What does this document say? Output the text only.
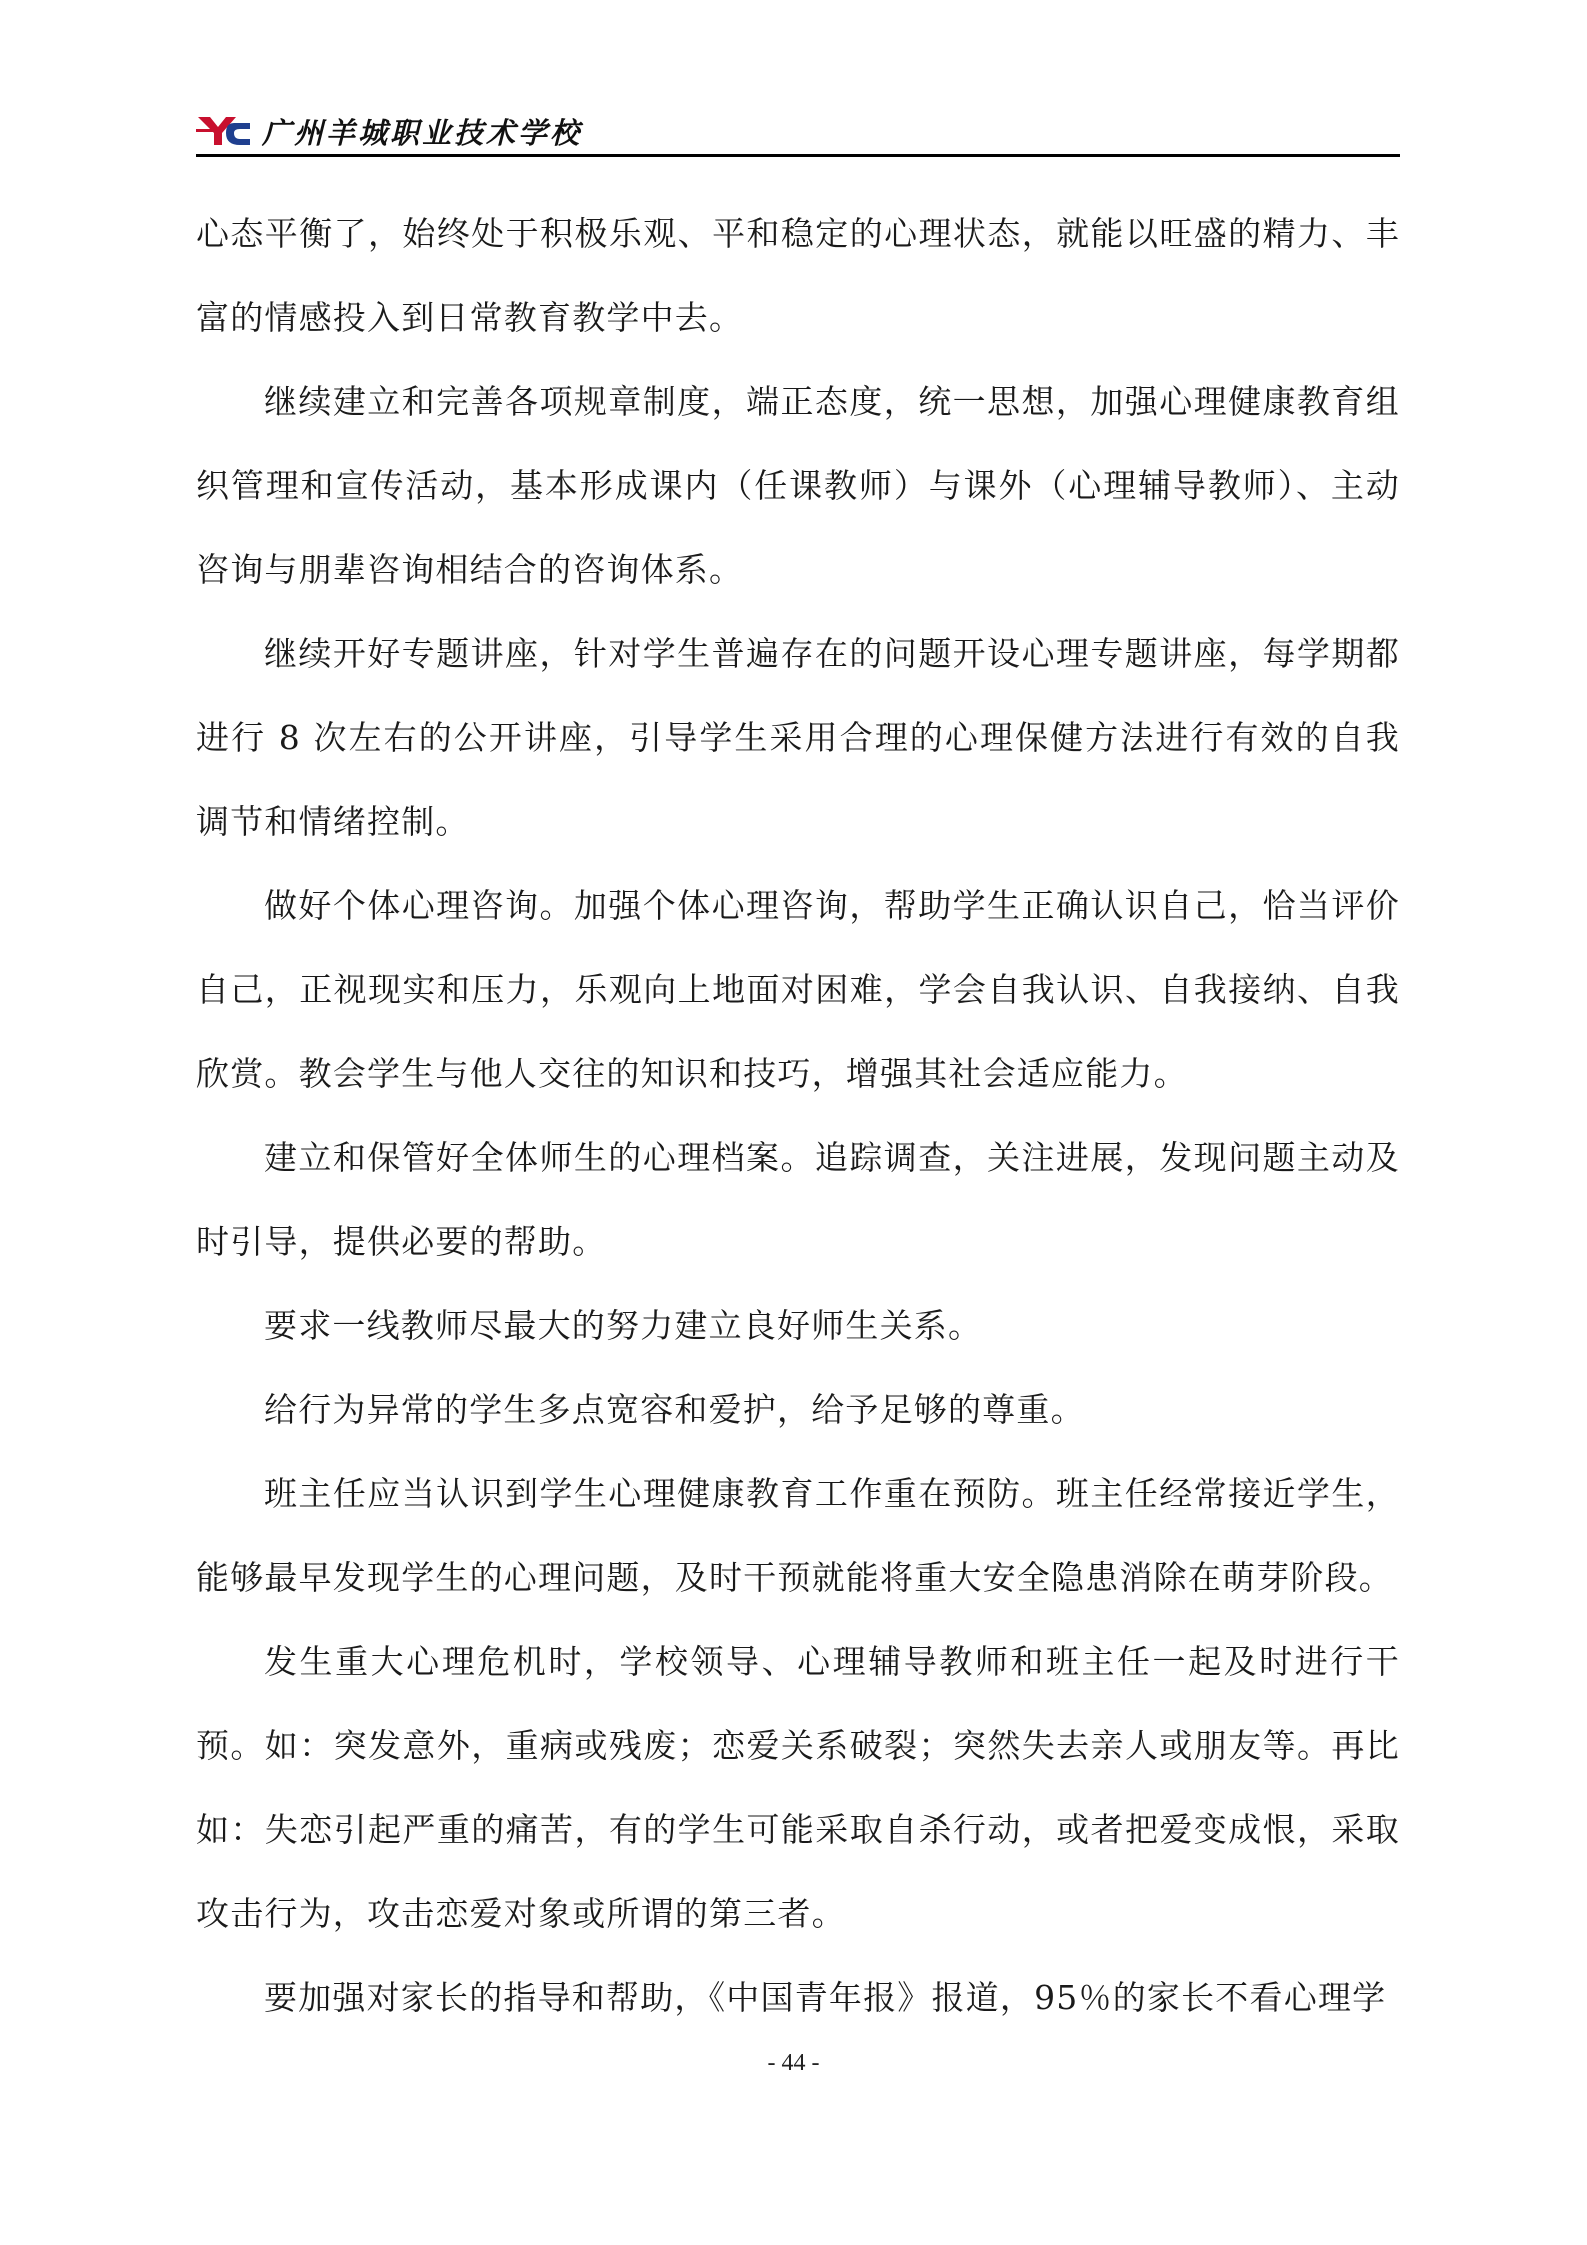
广州羊城职业技术学校

心态平衡了，始终处于积极乐观、平和稳定的心理状态，就能以旺盛的精力、丰富的情感投入到日常教育教学中去。

继续建立和完善各项规章制度，端正态度，统一思想，加强心理健康教育组织管理和宣传活动，基本形成课内（任课教师）与课外（心理辅导教师）、主动咨询与朋辈咨询相结合的咨询体系。

继续开好专题讲座，针对学生普遍存在的问题开设心理专题讲座，每学期都进行 8 次左右的公开讲座，引导学生采用合理的心理保健方法进行有效的自我调节和情绪控制。

做好个体心理咨询。加强个体心理咨询，帮助学生正确认识自己，恰当评价自己，正视现实和压力，乐观向上地面对困难，学会自我认识、自我接纳、自我欣赏。教会学生与他人交往的知识和技巧，增强其社会适应能力。

建立和保管好全体师生的心理档案。追踪调查，关注进展，发现问题主动及时引导，提供必要的帮助。

要求一线教师尽最大的努力建立良好师生关系。

给行为异常的学生多点宽容和爱护，给予足够的尊重。

班主任应当认识到学生心理健康教育工作重在预防。班主任经常接近学生，能够最早发现学生的心理问题，及时干预就能将重大安全隐患消除在萌芽阶段。

发生重大心理危机时，学校领导、心理辅导教师和班主任一起及时进行干预。如：突发意外，重病或残废；恋爱关系破裂；突然失去亲人或朋友等。再比如：失恋引起严重的痛苦，有的学生可能采取自杀行动，或者把爱变成恨，采取攻击行为，攻击恋爱对象或所谓的第三者。

要加强对家长的指导和帮助，《中国青年报》报道，95％的家长不看心理学

- 44 -
